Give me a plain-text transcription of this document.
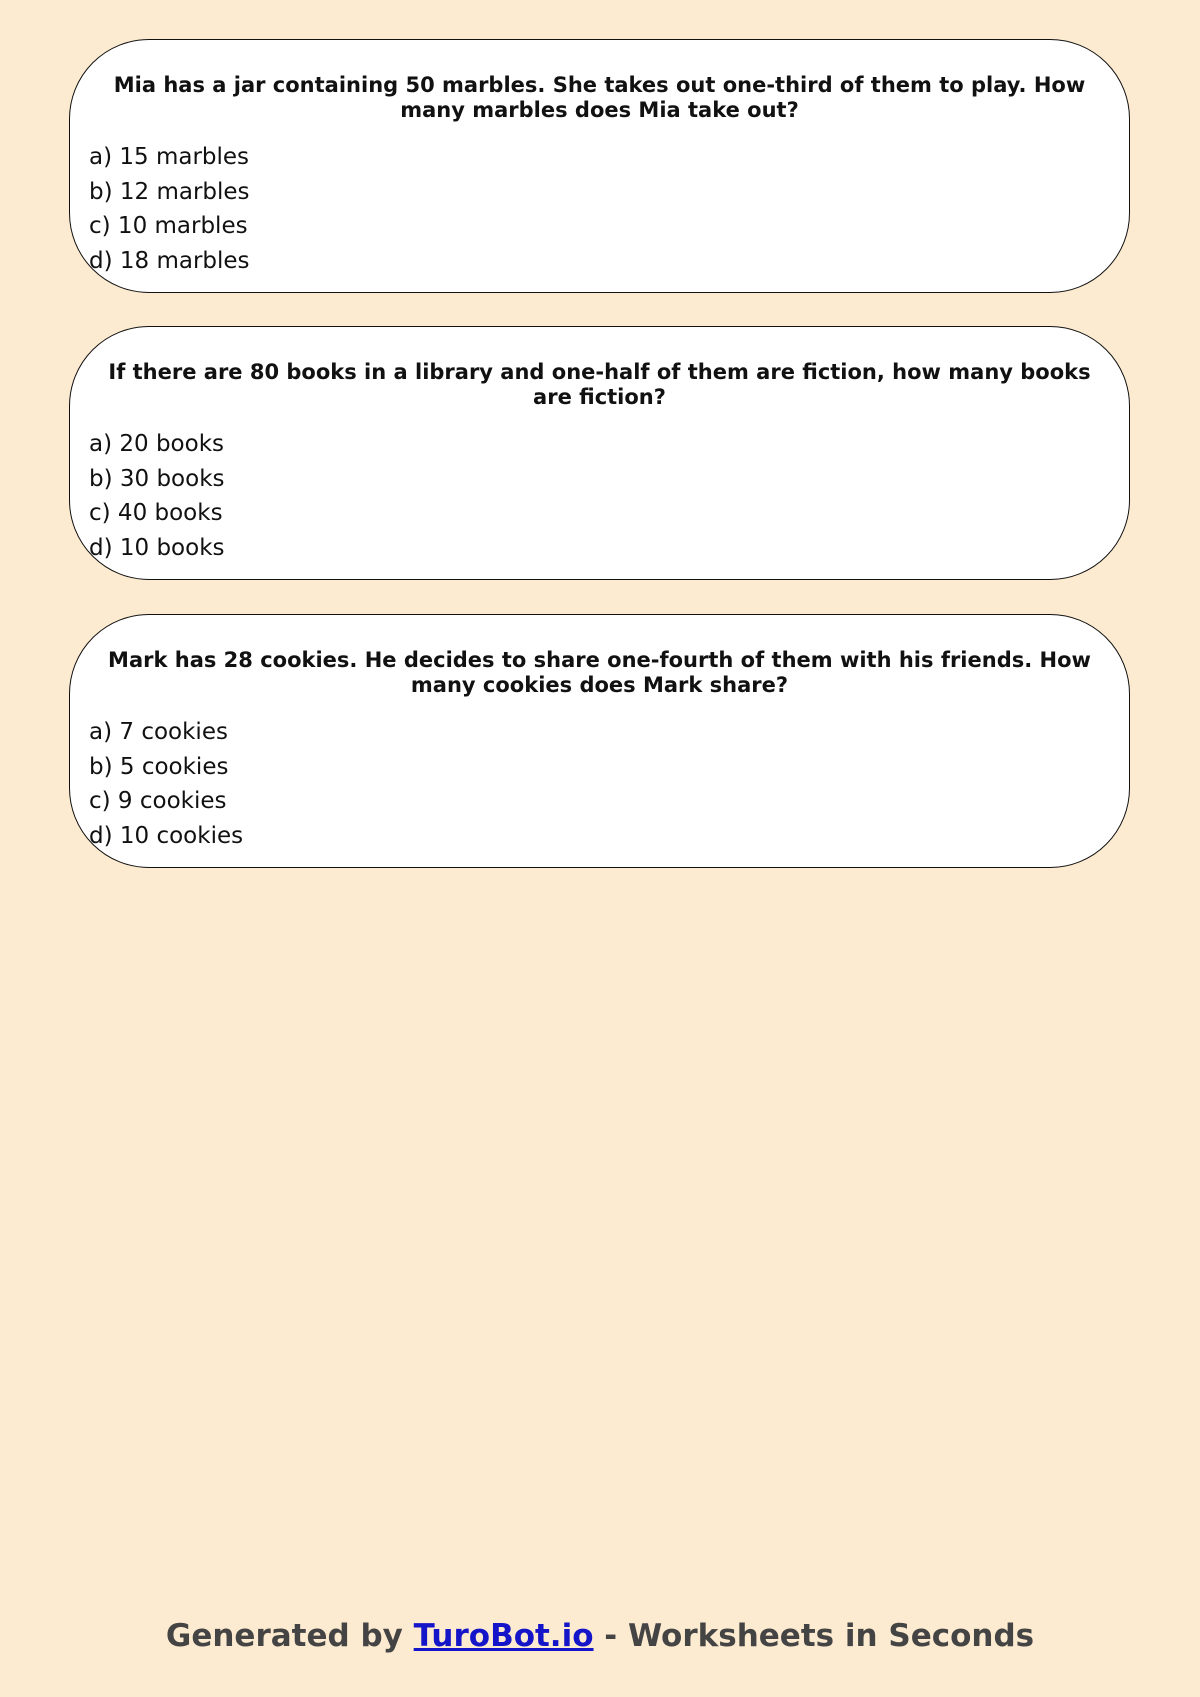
Mia has a jar containing 50 marbles. She takes out one-third of them to play. How many marbles does Mia take out?

a) 15 marbles
b) 12 marbles
c) 10 marbles
d) 18 marbles

If there are 80 books in a library and one-half of them are fiction, how many books are fiction?

a) 20 books
b) 30 books
c) 40 books
d) 10 books

Mark has 28 cookies. He decides to share one-fourth of them with his friends. How many cookies does Mark share?

a) 7 cookies
b) 5 cookies
c) 9 cookies
d) 10 cookies
Generated by TuroBot.io - Worksheets in Seconds
